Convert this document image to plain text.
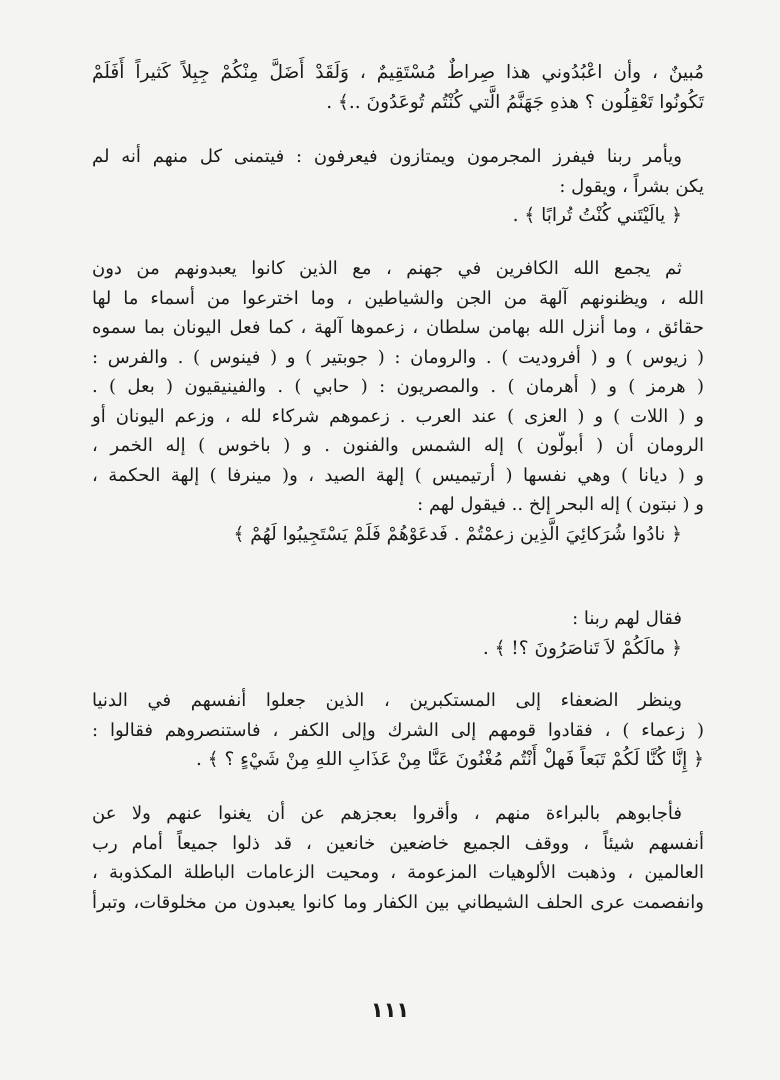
مُبينٌ ، وأن اعْبُدُوني هذا صِراطٌ مُسْتَقِيمٌ ، وَلَقَدْ أَضَلَّ مِنْكُمْ جِبِلاً كَثيراً أَفَلَمْ
تَكُونُوا تَعْقِلُون ؟ هذهِ جَهَنَّمُ الَّتي كُنْتُم تُوعَدُونَ ..﴾ .
ويأمر ربنا فيفرز المجرمون ويمتازون فيعرفون : فيتمنى كل منهم أنه لم
يكن بشراً ، ويقول :
﴿ يالَيْتَني كُنْتُ تُرابًا ﴾ .
ثم يجمع الله الكافرين في جهنم ، مع الذين كانوا يعبدونهم من دون
الله ، ويظنونهم آلهة من الجن والشياطين ، وما اخترعوا من أسماء ما لها
حقائق ، وما أنزل الله بهامن سلطان ، زعموها آلهة ، كما فعل اليونان بما سموه
( زيوس ) و ( أفروديت ) . والرومان : ( جوبتير ) و ( فينوس ) . والفرس :
( هرمز ) و ( أهرمان ) . والمصريون : ( حابي ) . والفينيقيون ( بعل ) .
و ( اللات ) و ( العزى ) عند العرب . زعموهم شركاء لله ، وزعم اليونان أو
الرومان أن ( أبولّون ) إله الشمس والفنون . و ( باخوس ) إله الخمر ،
و ( ديانا ) وهي نفسها ( أرتيميس ) إلهة الصيد ، و( مينرفا ) إلهة الحكمة ،
و ( نبتون ) إله البحر إلخ .. فيقول لهم :
﴿ نادُوا شُرَكائِيَ الَّذِين زعمْتُمْ . فَدعَوْهُمْ فَلَمْ يَسْتَجِيبُوا لَهُمْ ﴾
فقال لهم ربنا :
﴿ مالَكُمْ لاَ تَناصَرُونَ ؟! ﴾ .
وينظر الضعفاء إلى المستكبرين ، الذين جعلوا أنفسهم في الدنيا
( زعماء ) ، فقادوا قومهم إلى الشرك وإلى الكفر ، فاستنصروهم فقالوا :
﴿ إِنَّا كُنَّا لَكُمْ تَبَعاً فَهلْ أَنْتُم مُغْنُونَ عَنَّا مِنْ عَذَابِ اللهِ مِنْ شَيْءٍ ؟ ﴾ .
فأجابوهم بالبراءة منهم ، وأقروا بعجزهم عن أن يغنوا عنهم ولا عن
أنفسهم شيئاً ، ووقف الجميع خاضعين خانعين ، قد ذلوا جميعاً أمام رب
العالمين ، وذهبت الألوهيات المزعومة ، ومحيت الزعامات الباطلة المكذوبة ،
وانفصمت عرى الحلف الشيطاني بين الكفار وما كانوا يعبدون من مخلوقات، وتبرأ
١١١
